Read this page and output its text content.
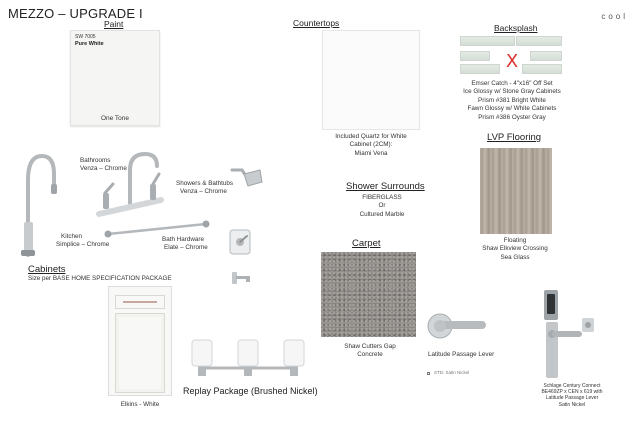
MEZZO – UPGRADE I	cool
Paint
SW 7005
Pure White
One Tone
Countertops
Included Quartz for White
Cabinet (2CM):
Miami Vena
Backsplash
X
Emser Catch - 4"x16" Off Set
Ice Glossy w/ Stone Gray Cabinets
Prism #381 Bright White
Fawn Glossy w/ White Cabinets
Prism #386 Oyster Gray
LVP Flooring
Floating
Shaw Elkview Crossing
Sea Glass
Bathrooms
Venza – Chrome
Kitchen
Simplice – Chrome
Showers & Bathtubs
Venza – Chrome
Bath Hardware
Elate – Chrome
Shower Surrounds
FIBERGLASS
Or
Cultured Marble
Carpet
Shaw Cutters Gap
Concrete
Cabinets
Size per BASE HOME SPECIFICATION PACKAGE
Elkins - White
Replay Package (Brushed Nickel)
Latitude Passage Lever
STD: Satin Nickel
Schlage Century Connect
BE469ZP x CEN x 619 with
Latitude Passage Lever
Satin Nickel
